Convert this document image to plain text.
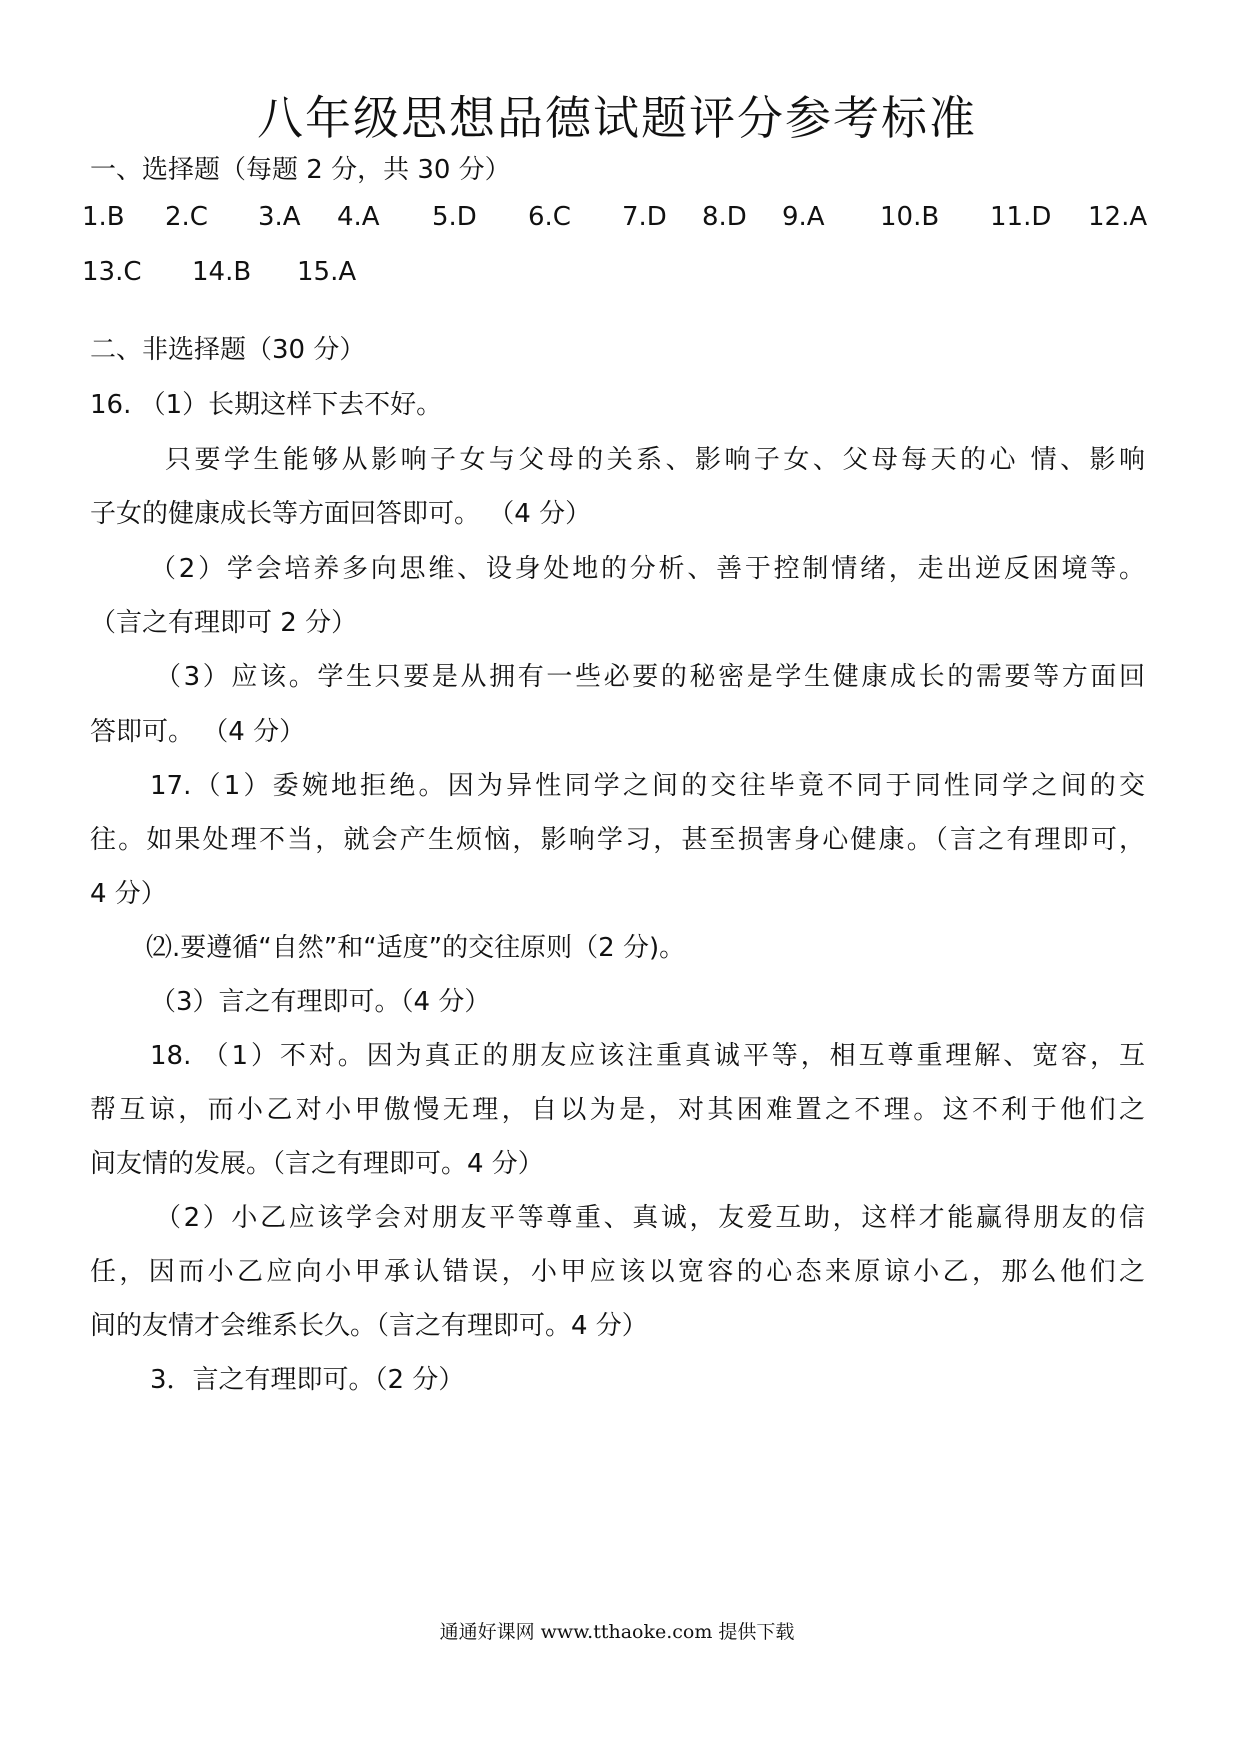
八年级思想品德试题评分参考标准
一、选择题（每题 2 分，共 30 分）
1.B 2.C 3.A 4.A 5.D 6.C 7.D 8.D 9.A 10.B 11.D 12.A
13.C 14.B 15.A
二、非选择题（30 分）
16. （1）长期这样下去不好。
只要学生能够从影响子女与父母的关系、影响子女、父母每天的心 情、影响
子女的健康成长等方面回答即可。 （4 分）
（2）学会培养多向思维、设身处地的分析、善于控制情绪，走出逆反困境等。
（言之有理即可 2 分）
（3）应该。学生只要是从拥有一些必要的秘密是学生健康成长的需要等方面回
答即可。 （4 分）
17.（1）委婉地拒绝。因为异性同学之间的交往毕竟不同于同性同学之间的交
往。如果处理不当，就会产生烦恼，影响学习，甚至损害身心健康。（言之有理即可，
4 分）
⑵.要遵循“自然”和“适度”的交往原则（2 分)。
（3）言之有理即可。（4 分）
18. （1）不对。因为真正的朋友应该注重真诚平等，相互尊重理解、宽容，互
帮互谅，而小乙对小甲傲慢无理，自以为是，对其困难置之不理。这不利于他们之
间友情的发展。（言之有理即可。4 分）
（2）小乙应该学会对朋友平等尊重、真诚，友爱互助，这样才能赢得朋友的信
任，因而小乙应向小甲承认错误，小甲应该以宽容的心态来原谅小乙，那么他们之
间的友情才会维系长久。（言之有理即可。4 分）
3．言之有理即可。（2 分）
通通好课网 www.tthaoke.com 提供下载
